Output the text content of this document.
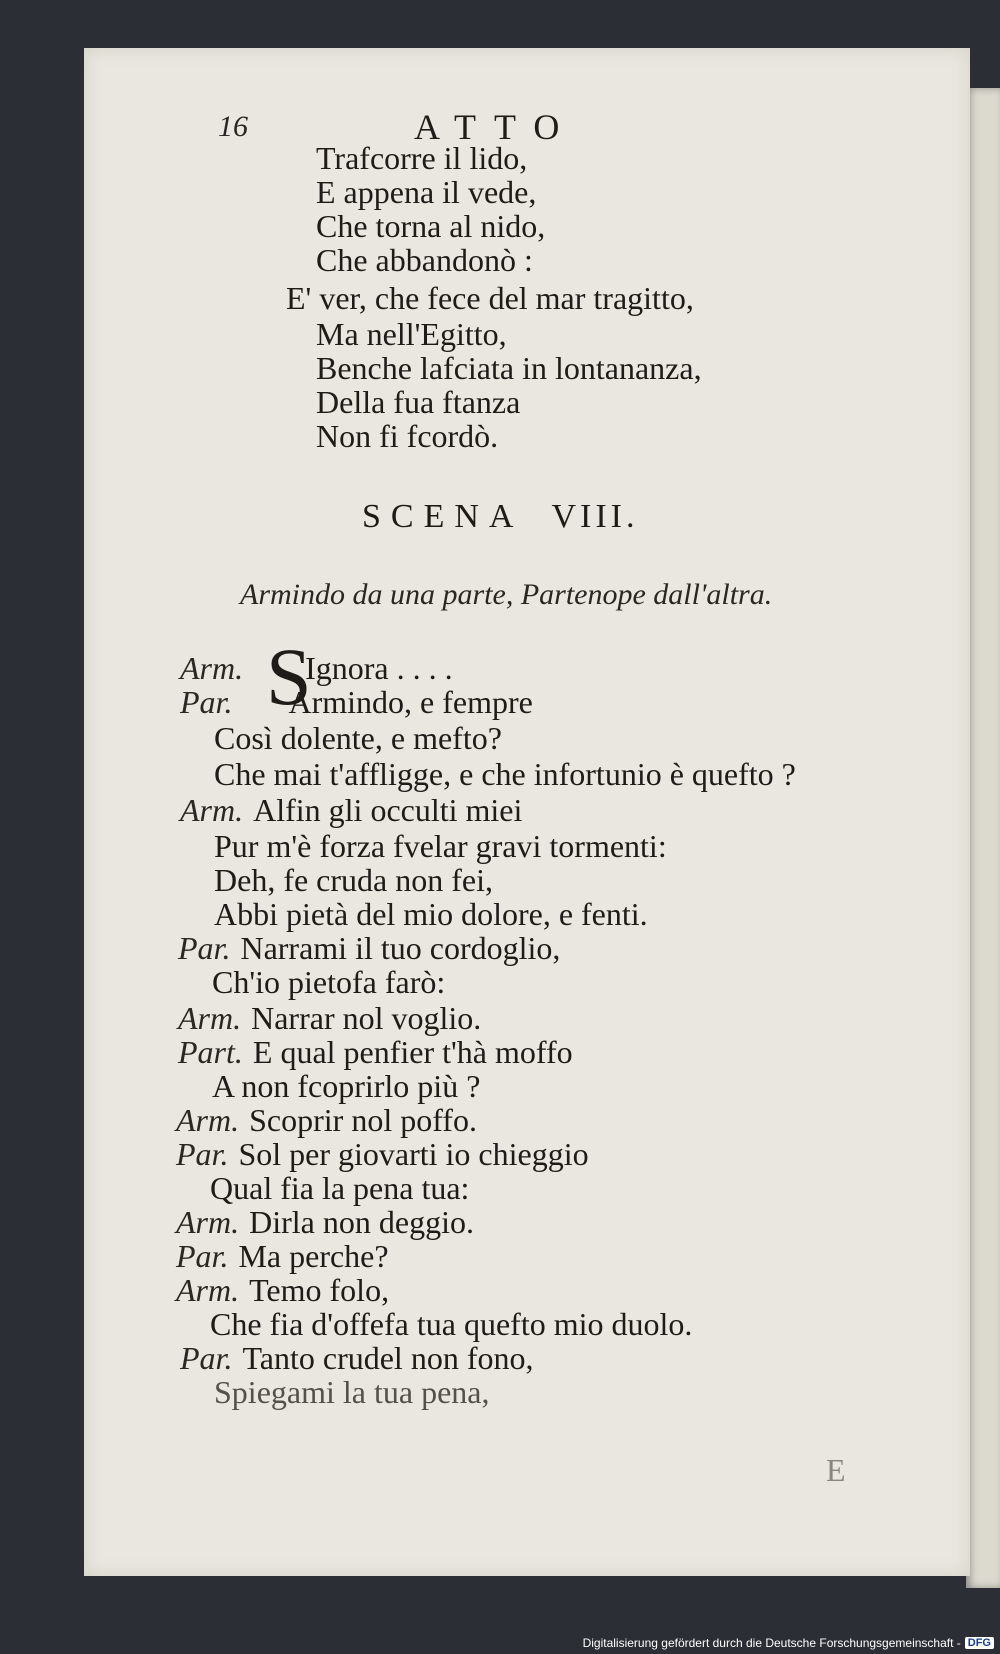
16	ATTO
Trafcorre il lido,
E appena il vede,
Che torna al nido,
Che abbandonò :
E' ver, che fece del mar tragitto,
Ma nell'Egitto,
Benche lafciata in lontananza,
Della fua ftanza
Non fi fcordò.
SCENA VIII.
Armindo da una parte, Partenope dall'altra.
S
Arm. Ignora . . . .
Par. Armindo, e fempre
Così dolente, e mefto?
Che mai t'affligge, e che infortunio è quefto ?
Arm. Alfin gli occulti miei
Pur m'è forza fvelar gravi tormenti:
Deh, fe cruda non fei,
Abbi pietà del mio dolore, e fenti.
Par. Narrami il tuo cordoglio,
Ch'io pietofa farò:
Arm. Narrar nol voglio.
Part. E qual penfier t'hà moffo
A non fcoprirlo più ?
Arm. Scoprir nol poffo.
Par. Sol per giovarti io chieggio
Qual fia la pena tua:
Arm. Dirla non deggio.
Par. Ma perche?
Arm. Temo folo,
Che fia d'offefa tua quefto mio duolo.
Par. Tanto crudel non fono,
Spiegami la tua pena,
E
Digitalisierung gefördert durch die Deutsche Forschungsgemeinschaft - DFG
